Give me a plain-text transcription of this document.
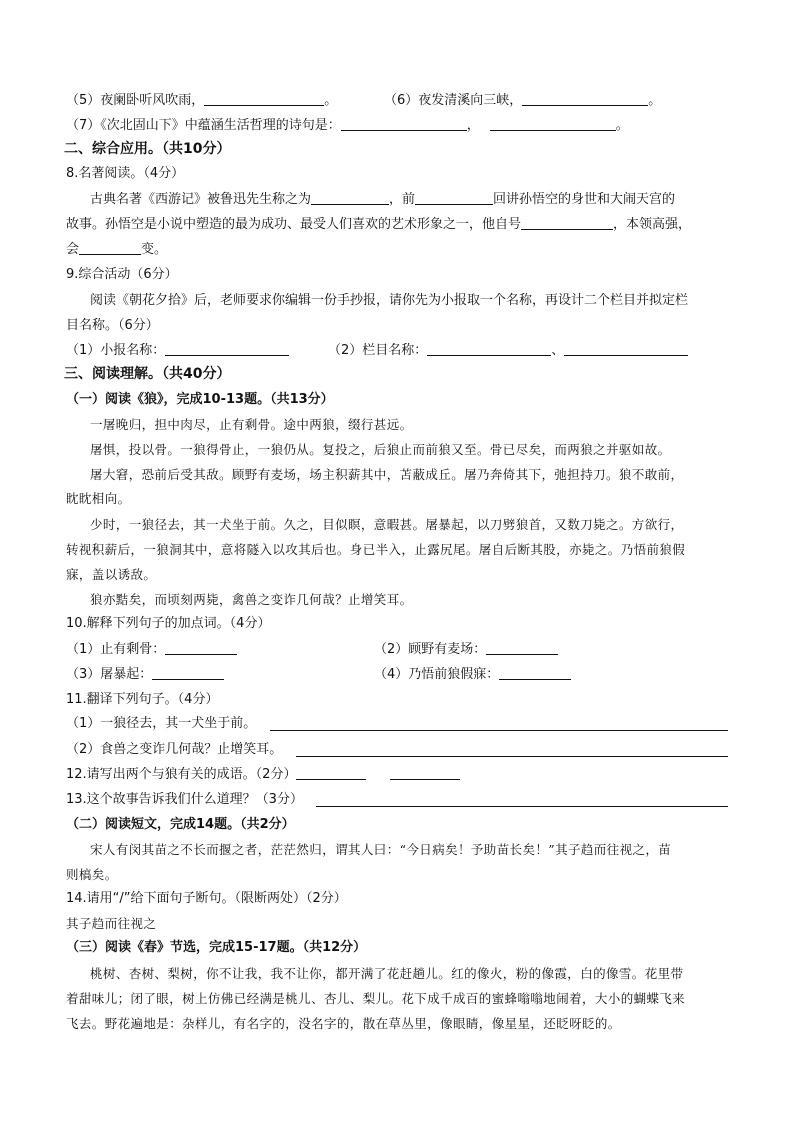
（5）夜阑卧听风吹雨，	。	（6）夜发清溪向三峡，	。
（7）《次北固山下》中蕴涵生活哲理的诗句是：	，	。
二、综合应用。（共10分）
8.名著阅读。（4分）
古典名著《西游记》被鲁迅先生称之为	，前	回讲孙悟空的身世和大闹天宫的
故事。孙悟空是小说中塑造的最为成功、最受人们喜欢的艺术形象之一，他自号	，本领高强，
会	变。
9.综合活动（6分）
阅读《朝花夕拾》后，老师要求你编辑一份手抄报，请你先为小报取一个名称，再设计二个栏目并拟定栏
目名称。（6分）
（1）小报名称：	（2）栏目名称：	、
三、阅读理解。（共40分）
（一）阅读《狼》，完成10-13题。（共13分）
一屠晚归，担中肉尽，止有剩骨。途中两狼，缀行甚远。
屠惧，投以骨。一狼得骨止，一狼仍从。复投之，后狼止而前狼又至。骨已尽矣，而两狼之并驱如故。
屠大窘，恐前后受其敌。顾野有麦场，场主积薪其中，苫蔽成丘。屠乃奔倚其下，弛担持刀。狼不敢前，
眈眈相向。
少时，一狼径去，其一犬坐于前。久之，目似瞑，意暇甚。屠暴起，以刀劈狼首，又数刀毙之。方欲行，
转视积薪后，一狼洞其中，意将隧入以攻其后也。身已半入，止露尻尾。屠自后断其股，亦毙之。乃悟前狼假
寐，盖以诱敌。
狼亦黠矣，而顷刻两毙，禽兽之变诈几何哉？止增笑耳。
10.解释下列句子的加点词。（4分）
（1）止有剩骨：	（2）顾野有麦场：
（3）屠暴起：	（4）乃悟前狼假寐：
11.翻译下列句子。（4分）
（1）一狼径去，其一犬坐于前。
（2）食兽之变诈几何哉？止增笑耳。
12.请写出两个与狼有关的成语。（2分）
13.这个故事告诉我们什么道理？（3分）
（二）阅读短文，完成14题。（共2分）
宋人有闵其苗之不长而揠之者，茫茫然归，谓其人曰：“今日病矣！予助苗长矣！”其子趋而往视之，苗
则槁矣。
14.请用“/”给下面句子断句。（限断两处）（2分）
其子趋而往视之
（三）阅读《春》节选，完成15-17题。（共12分）
桃树、杏树、梨树，你不让我，我不让你，都开满了花赶趟儿。红的像火，粉的像霞，白的像雪。花里带
着甜味儿；闭了眼，树上仿佛已经满是桃儿、杏儿、梨儿。花下成千成百的蜜蜂嗡嗡地闹着，大小的蝴蝶飞来
飞去。野花遍地是：杂样儿，有名字的，没名字的，散在草丛里，像眼睛，像星星，还眨呀眨的。
